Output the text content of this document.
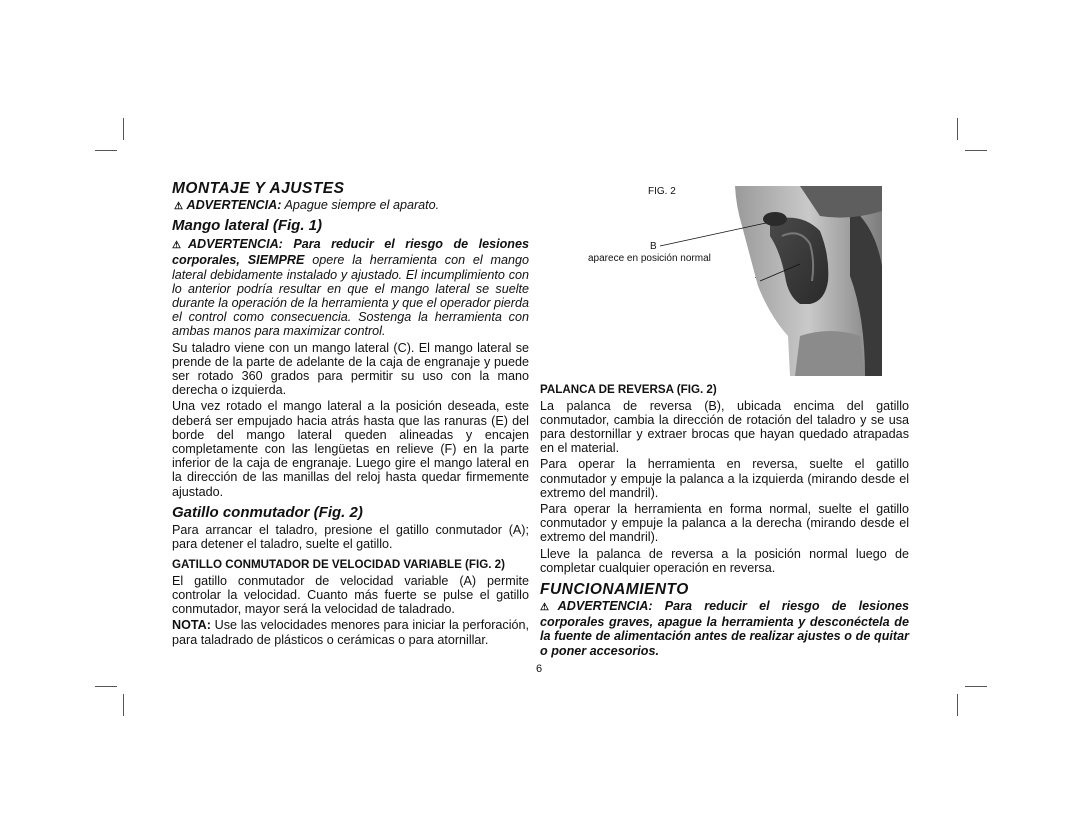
MONTAJE Y AJUSTES

⚠ ADVERTENCIA: Apague siempre el aparato.

Mango lateral (Fig. 1)

⚠ADVERTENCIA: Para reducir el riesgo de lesiones corporales, SIEMPRE opere la herramienta con el mango lateral debidamente instalado y ajustado. El incumplimiento con lo anterior podría resultar en que el mango lateral se suelte durante la operación de la herramienta y que el operador pierda el control como consecuencia. Sostenga la herramienta con ambas manos para maximizar control.

Su taladro viene con un mango lateral (C). El mango lateral se prende de la parte de adelante de la caja de engranaje y puede ser rotado 360 grados para permitir su uso con la mano derecha o izquierda.

Una vez rotado el mango lateral a la posición deseada, este deberá ser empujado hacia atrás hasta que las ranuras (E) del borde del mango lateral queden alineadas y encajen completamente con las lengüetas en relieve (F) en la parte inferior de la caja de engranaje. Luego gire el mango lateral en la dirección de las manillas del reloj hasta quedar firmemente ajustado.

Gatillo conmutador (Fig. 2)

Para arrancar el taladro, presione el gatillo conmutador (A); para detener el taladro, suelte el gatillo.

GATILLO CONMUTADOR DE VELOCIDAD VARIABLE (FIG. 2)

El gatillo conmutador de velocidad variable (A) permite controlar la velocidad. Cuanto más fuerte se pulse el gatillo conmutador, mayor será la velocidad de taladrado.

NOTA: Use las velocidades menores para iniciar la perforación, para taladrado de plásticos o cerámicas o para atornillar.

FIG. 2
B
aparece en posición normal
PALANCA DE REVERSA (FIG. 2)

La palanca de reversa (B), ubicada encima del gatillo conmutador, cambia la dirección de rotación del taladro y se usa para destornillar y extraer brocas que hayan quedado atrapadas en el material.

Para operar la herramienta en reversa, suelte el gatillo conmutador y empuje la palanca a la izquierda (mirando desde el extremo del mandril).

Para operar la herramienta en forma normal, suelte el gatillo conmutador y empuje la palanca a la derecha (mirando desde el extremo del mandril).

Lleve la palanca de reversa a la posición normal luego de completar cualquier operación en reversa.

FUNCIONAMIENTO

⚠ADVERTENCIA: Para reducir el riesgo de lesiones corporales graves, apague la herramienta y desconéctela de la fuente de alimentación antes de realizar ajustes o de quitar o poner accesorios.

6
